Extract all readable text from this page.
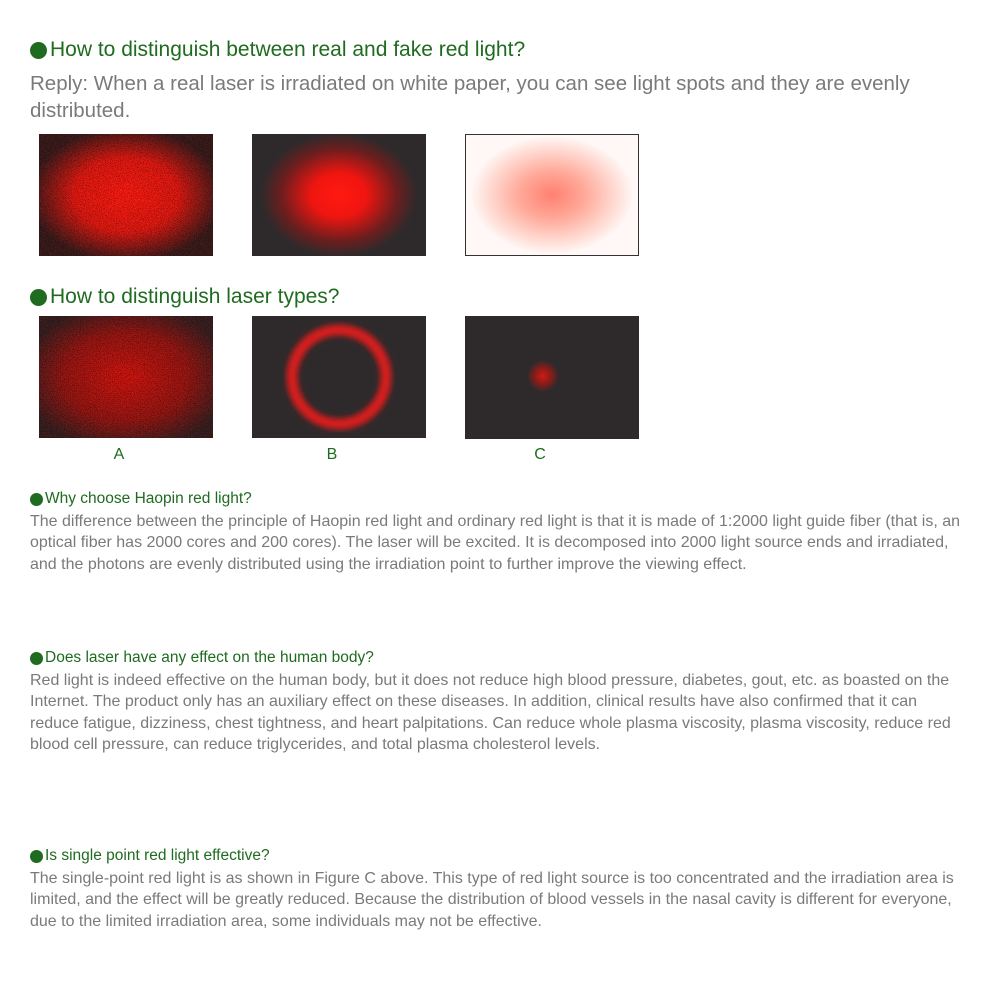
How to distinguish between real and fake red light?
Reply: When a real laser is irradiated on white paper, you can see light spots and they are evenly distributed.
How to distinguish laser types?
A	B	C
Why choose Haopin red light?
The difference between the principle of Haopin red light and ordinary red light is that it is made of 1:2000 light guide fiber (that is, an optical fiber has 2000 cores and 200 cores). The laser will be excited. It is decomposed into 2000 light source ends and irradiated, and the photons are evenly distributed using the irradiation point to further improve the viewing effect.
Does laser have any effect on the human body?
Red light is indeed effective on the human body, but it does not reduce high blood pressure, diabetes, gout, etc. as boasted on the Internet. The product only has an auxiliary effect on these diseases. In addition, clinical results have also confirmed that it can reduce fatigue, dizziness, chest tightness, and heart palpitations. Can reduce whole plasma viscosity, plasma viscosity, reduce red blood cell pressure, can reduce triglycerides, and total plasma cholesterol levels.
Is single point red light effective?
The single-point red light is as shown in Figure C above. This type of red light source is too concentrated and the irradiation area is limited, and the effect will be greatly reduced. Because the distribution of blood vessels in the nasal cavity is different for everyone, due to the limited irradiation area, some individuals may not be effective.
